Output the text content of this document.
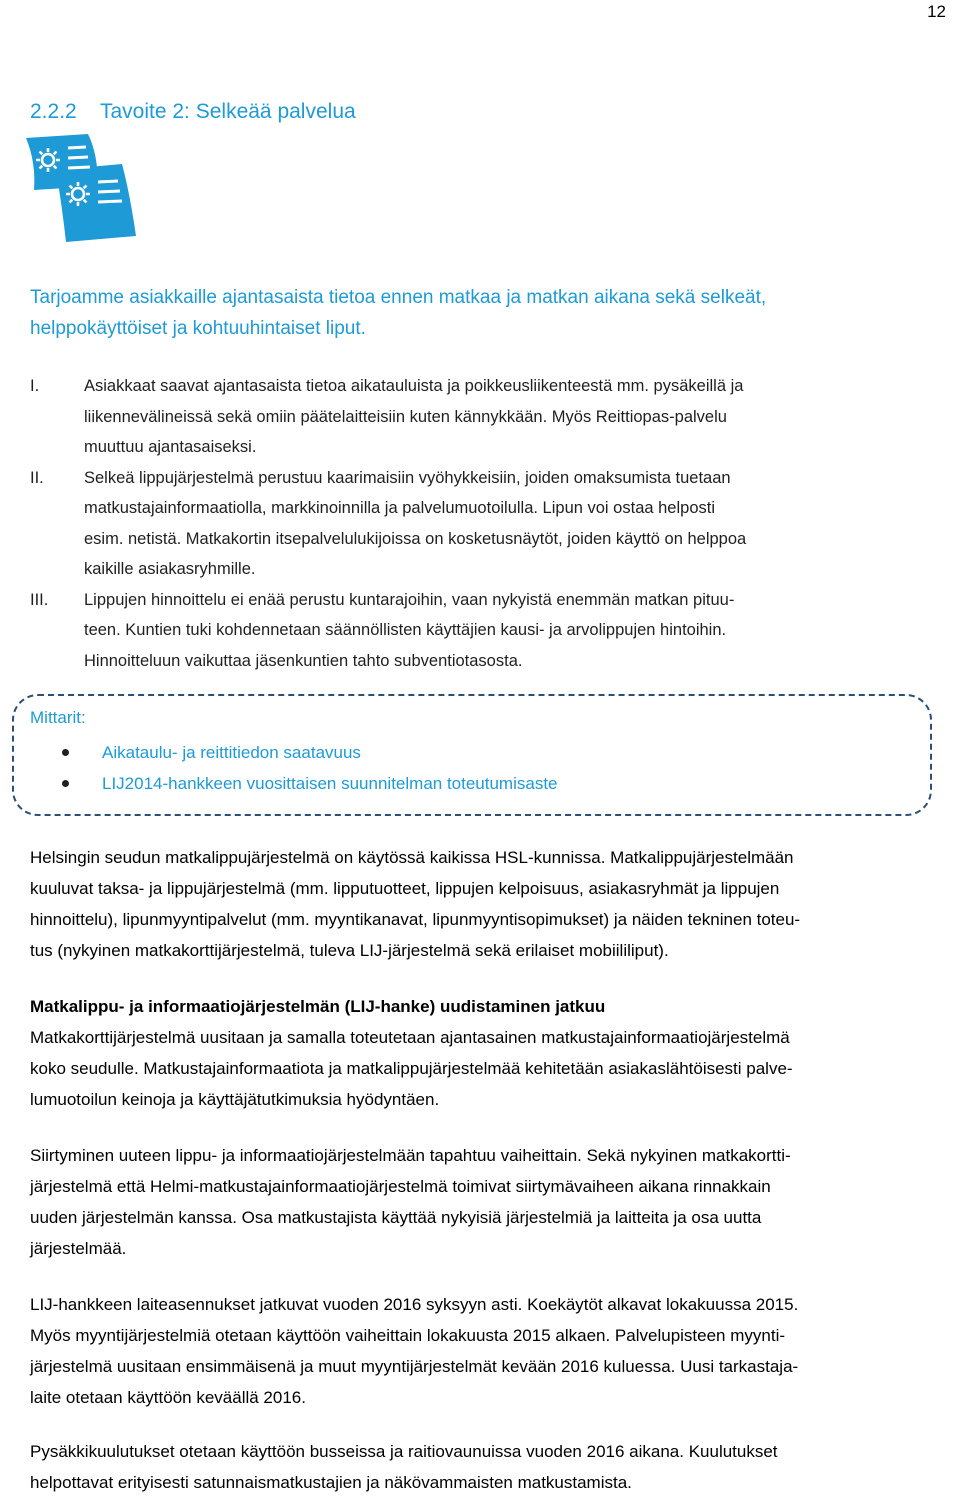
12
2.2.2 Tavoite 2: Selkeää palvelua
Tarjoamme asiakkaille ajantasaista tietoa ennen matkaa ja matkan aikana sekä selkeät,
helppokäyttöiset ja kohtuuhintaiset liput.
I.	Asiakkaat saavat ajantasaista tietoa aikatauluista ja poikkeusliikenteestä mm. pysäkeillä ja
liikennevälineissä sekä omiin päätelaitteisiin kuten kännykkään. Myös Reittiopas-palvelu
muuttuu ajantasaiseksi.
II. Selkeä lippujärjestelmä perustuu kaarimaisiin vyöhykkeisiin, joiden omaksumista tuetaan
matkustajainformaatiolla, markkinoinnilla ja palvelumuotoilulla. Lipun voi ostaa helposti
esim. netistä. Matkakortin itsepalvelulukijoissa on kosketusnäytöt, joiden käyttö on helppoa
kaikille asiakasryhmille.
III. Lippujen hinnoittelu ei enää perustu kuntarajoihin, vaan nykyistä enemmän matkan pituu-
teen. Kuntien tuki kohdennetaan säännöllisten käyttäjien kausi- ja arvolippujen hintoihin.
Hinnoitteluun vaikuttaa jäsenkuntien tahto subventiotasosta.
Mittarit:
Aikataulu- ja reittitiedon saatavuus
LIJ2014-hankkeen vuosittaisen suunnitelman toteutumisaste
Helsingin seudun matkalippujärjestelmä on käytössä kaikissa HSL-kunnissa. Matkalippujärjestelmään
kuuluvat taksa- ja lippujärjestelmä (mm. lipputuotteet, lippujen kelpoisuus, asiakasryhmät ja lippujen
hinnoittelu), lipunmyyntipalvelut (mm. myyntikanavat, lipunmyyntisopimukset) ja näiden tekninen toteu-
tus (nykyinen matkakorttijärjestelmä, tuleva LIJ-järjestelmä sekä erilaiset mobiililiput).
Matkalippu- ja informaatiojärjestelmän (LIJ-hanke) uudistaminen jatkuu
Matkakorttijärjestelmä uusitaan ja samalla toteutetaan ajantasainen matkustajainformaatiojärjestelmä
koko seudulle. Matkustajainformaatiota ja matkalippujärjestelmää kehitetään asiakaslähtöisesti palve-
lumuotoilun keinoja ja käyttäjätutkimuksia hyödyntäen.
Siirtyminen uuteen lippu- ja informaatiojärjestelmään tapahtuu vaiheittain. Sekä nykyinen matkakortti-
järjestelmä että Helmi-matkustajainformaatiojärjestelmä toimivat siirtymävaiheen aikana rinnakkain
uuden järjestelmän kanssa. Osa matkustajista käyttää nykyisiä järjestelmiä ja laitteita ja osa uutta
järjestelmää.
LIJ-hankkeen laiteasennukset jatkuvat vuoden 2016 syksyyn asti. Koekäytöt alkavat lokakuussa 2015.
Myös myyntijärjestelmiä otetaan käyttöön vaiheittain lokakuusta 2015 alkaen. Palvelupisteen myynti-
järjestelmä uusitaan ensimmäisenä ja muut myyntijärjestelmät kevään 2016 kuluessa. Uusi tarkastaja-
laite otetaan käyttöön keväällä 2016.
Pysäkkikuulutukset otetaan käyttöön busseissa ja raitiovaunuissa vuoden 2016 aikana. Kuulutukset
helpottavat erityisesti satunnaismatkustajien ja näkövammaisten matkustamista.
